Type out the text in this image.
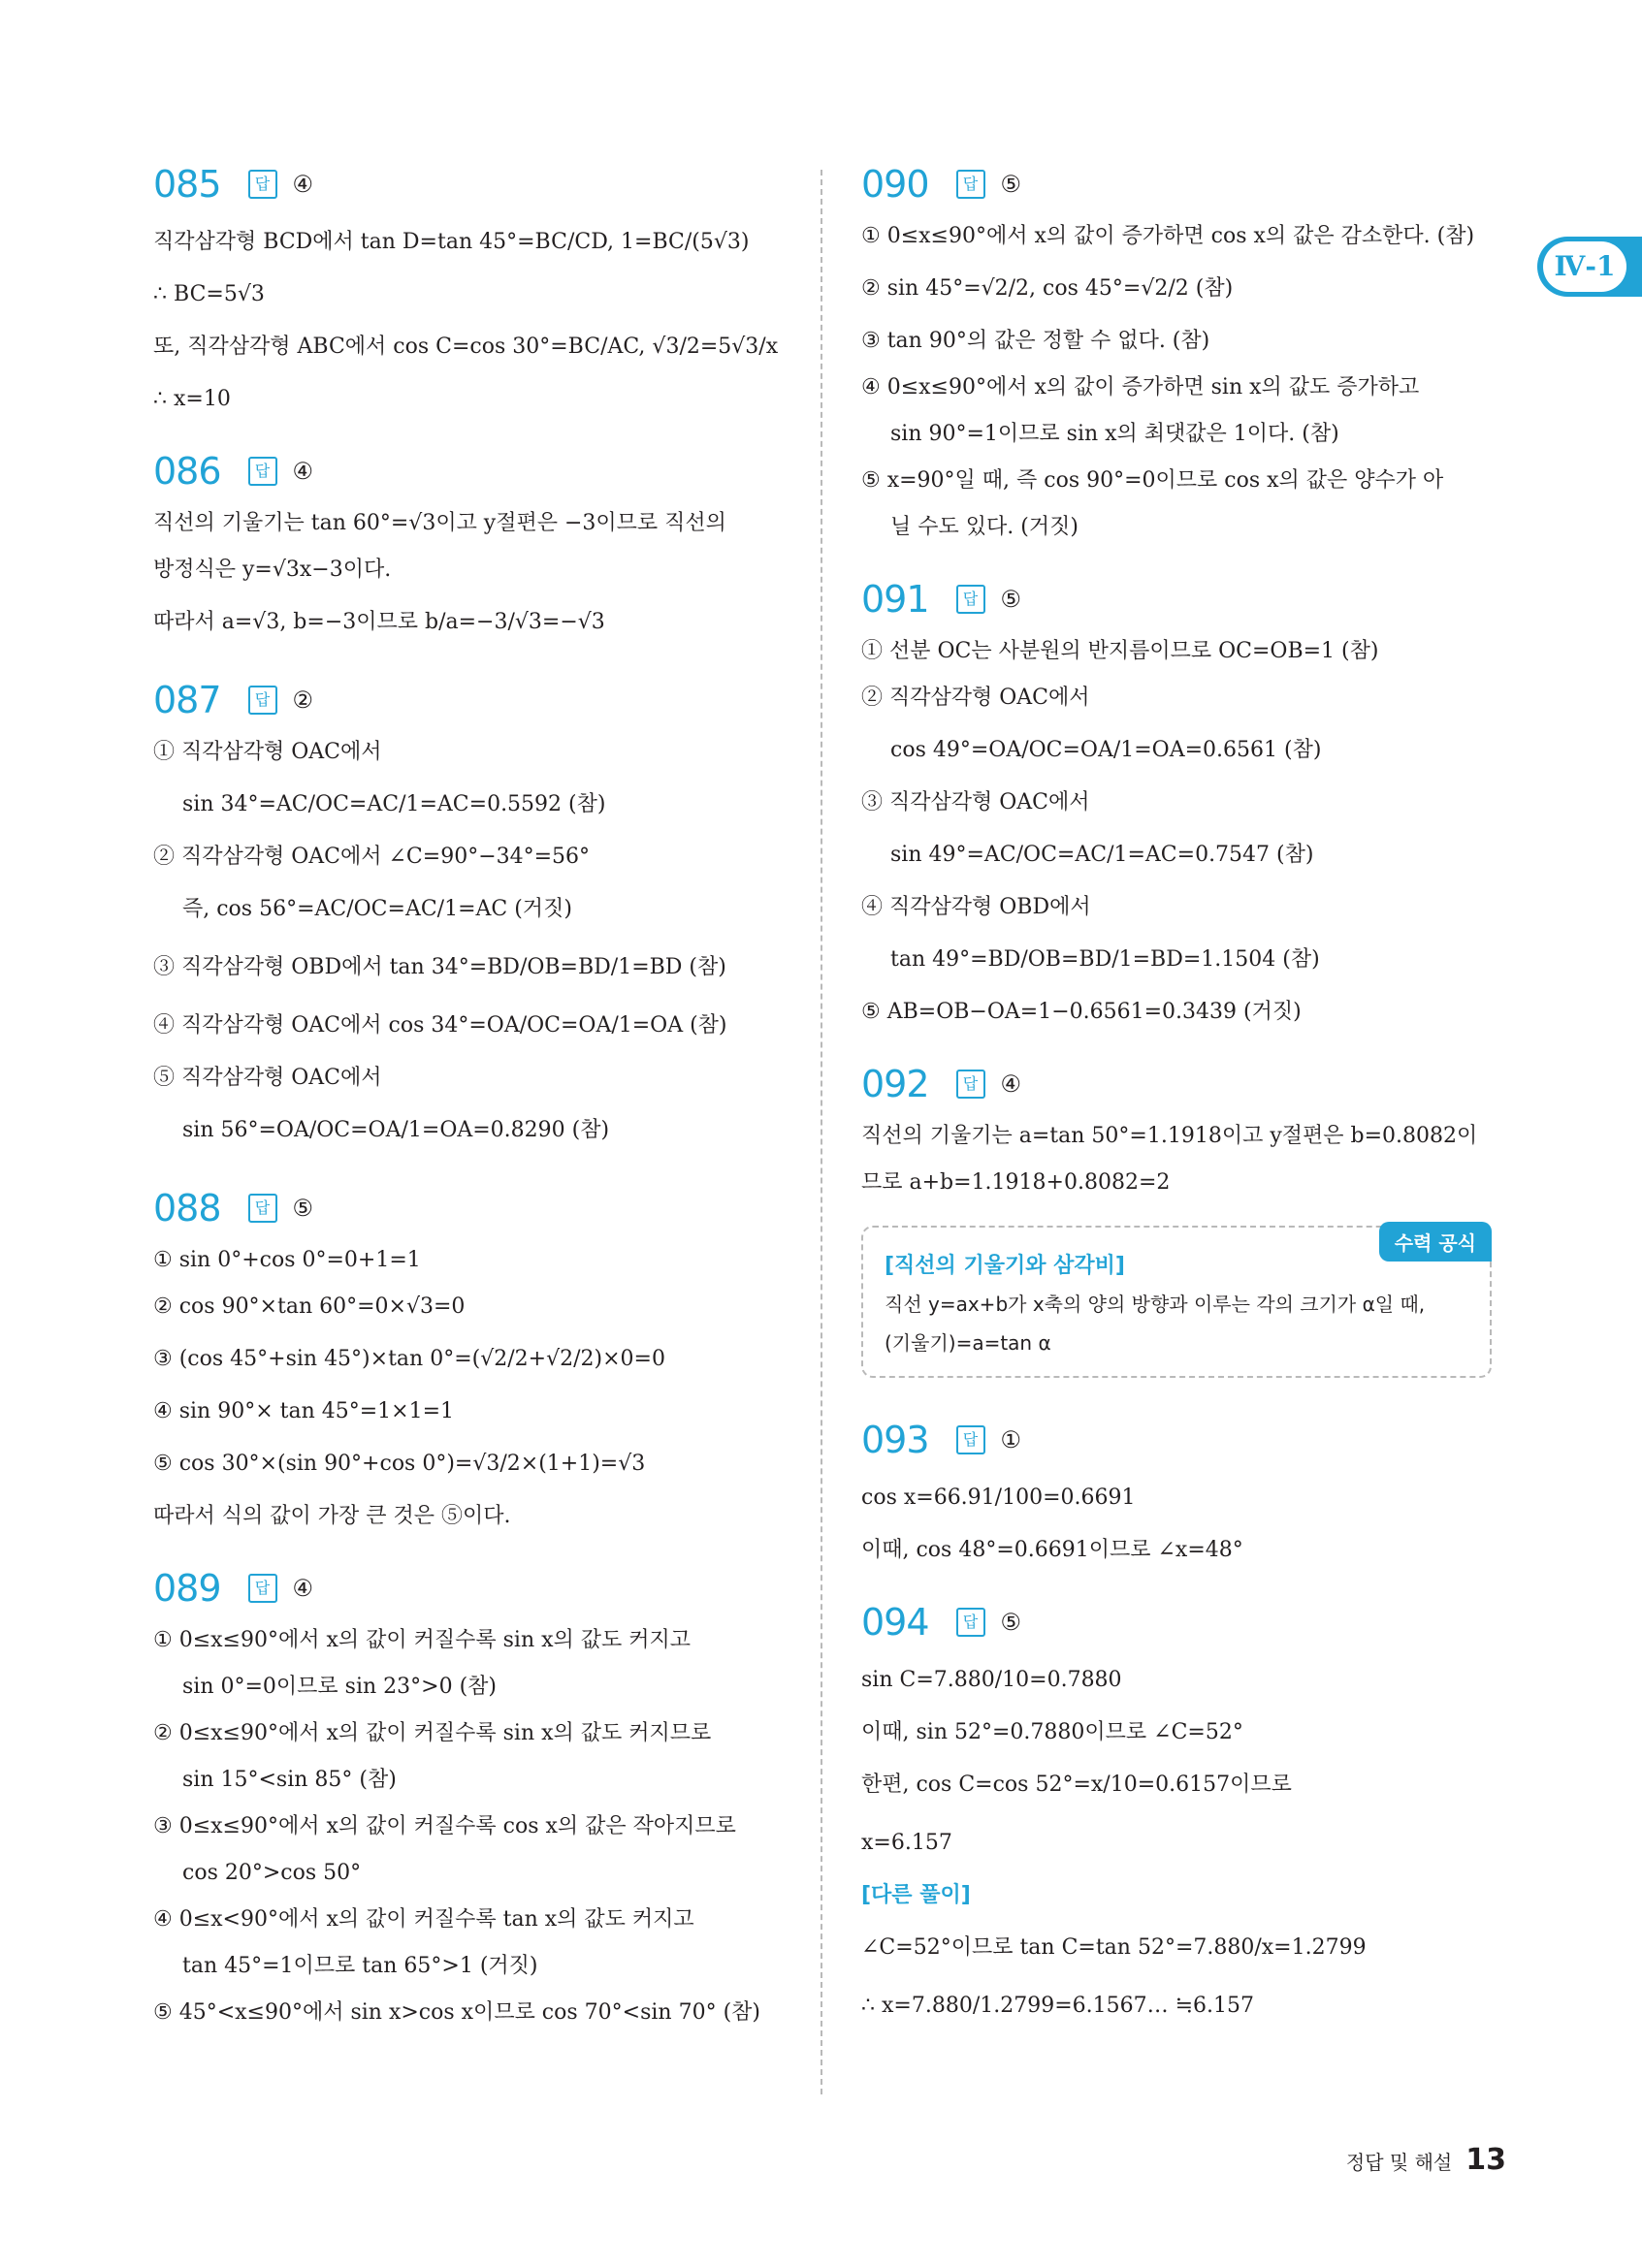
Ⅳ-1
085	답 ④
직각삼각형 BCD에서 tan D=tan 45°=BC/CD, 1=BC/(5√3)
∴ BC=5√3
또, 직각삼각형 ABC에서 cos C=cos 30°=BC/AC, √3/2=5√3/x
∴ x=10
086	답 ④
직선의 기울기는 tan 60°=√3이고 y절편은 −3이므로 직선의
방정식은 y=√3x−3이다.
따라서 a=√3, b=−3이므로 b/a=−3/√3=−√3
087	답 ②
① 직각삼각형 OAC에서
sin 34°=AC/OC=AC/1=AC=0.5592 (참)
② 직각삼각형 OAC에서 ∠C=90°−34°=56°
즉, cos 56°=AC/OC=AC/1=AC (거짓)
③ 직각삼각형 OBD에서 tan 34°=BD/OB=BD/1=BD (참)
④ 직각삼각형 OAC에서 cos 34°=OA/OC=OA/1=OA (참)
⑤ 직각삼각형 OAC에서
sin 56°=OA/OC=OA/1=OA=0.8290 (참)
088	답 ⑤
① sin 0°+cos 0°=0+1=1
② cos 90°×tan 60°=0×√3=0
③ (cos 45°+sin 45°)×tan 0°=(√2/2+√2/2)×0=0
④ sin 90°× tan 45°=1×1=1
⑤ cos 30°×(sin 90°+cos 0°)=√3/2×(1+1)=√3
따라서 식의 값이 가장 큰 것은 ⑤이다.
089	답 ④
① 0≤x≤90°에서 x의 값이 커질수록 sin x의 값도 커지고
sin 0°=0이므로 sin 23°>0 (참)
② 0≤x≤90°에서 x의 값이 커질수록 sin x의 값도 커지므로
sin 15°<sin 85° (참)
③ 0≤x≤90°에서 x의 값이 커질수록 cos x의 값은 작아지므로
cos 20°>cos 50°
④ 0≤x<90°에서 x의 값이 커질수록 tan x의 값도 커지고
tan 45°=1이므로 tan 65°>1 (거짓)
⑤ 45°<x≤90°에서 sin x>cos x이므로 cos 70°<sin 70° (참)
090	답 ⑤
① 0≤x≤90°에서 x의 값이 증가하면 cos x의 값은 감소한다. (참)
② sin 45°=√2/2, cos 45°=√2/2 (참)
③ tan 90°의 값은 정할 수 없다. (참)
④ 0≤x≤90°에서 x의 값이 증가하면 sin x의 값도 증가하고
sin 90°=1이므로 sin x의 최댓값은 1이다. (참)
⑤ x=90°일 때, 즉 cos 90°=0이므로 cos x의 값은 양수가 아
닐 수도 있다. (거짓)
091	답 ⑤
① 선분 OC는 사분원의 반지름이므로 OC=OB=1 (참)
② 직각삼각형 OAC에서
cos 49°=OA/OC=OA/1=OA=0.6561 (참)
③ 직각삼각형 OAC에서
sin 49°=AC/OC=AC/1=AC=0.7547 (참)
④ 직각삼각형 OBD에서
tan 49°=BD/OB=BD/1=BD=1.1504 (참)
⑤ AB=OB−OA=1−0.6561=0.3439 (거짓)
092	답 ④
직선의 기울기는 a=tan 50°=1.1918이고 y절편은 b=0.8082이
므로 a+b=1.1918+0.8082=2
수력 공식
[직선의 기울기와 삼각비]
직선 y=ax+b가 x축의 양의 방향과 이루는 각의 크기가 α일 때,
(기울기)=a=tan α
093	답 ①
cos x=66.91/100=0.6691
이때, cos 48°=0.6691이므로 ∠x=48°
094	답 ⑤
sin C=7.880/10=0.7880
이때, sin 52°=0.7880이므로 ∠C=52°
한편, cos C=cos 52°=x/10=0.6157이므로
x=6.157
[다른 풀이]
∠C=52°이므로 tan C=tan 52°=7.880/x=1.2799
∴ x=7.880/1.2799=6.1567… ≒6.157
정답 및 해설 13
